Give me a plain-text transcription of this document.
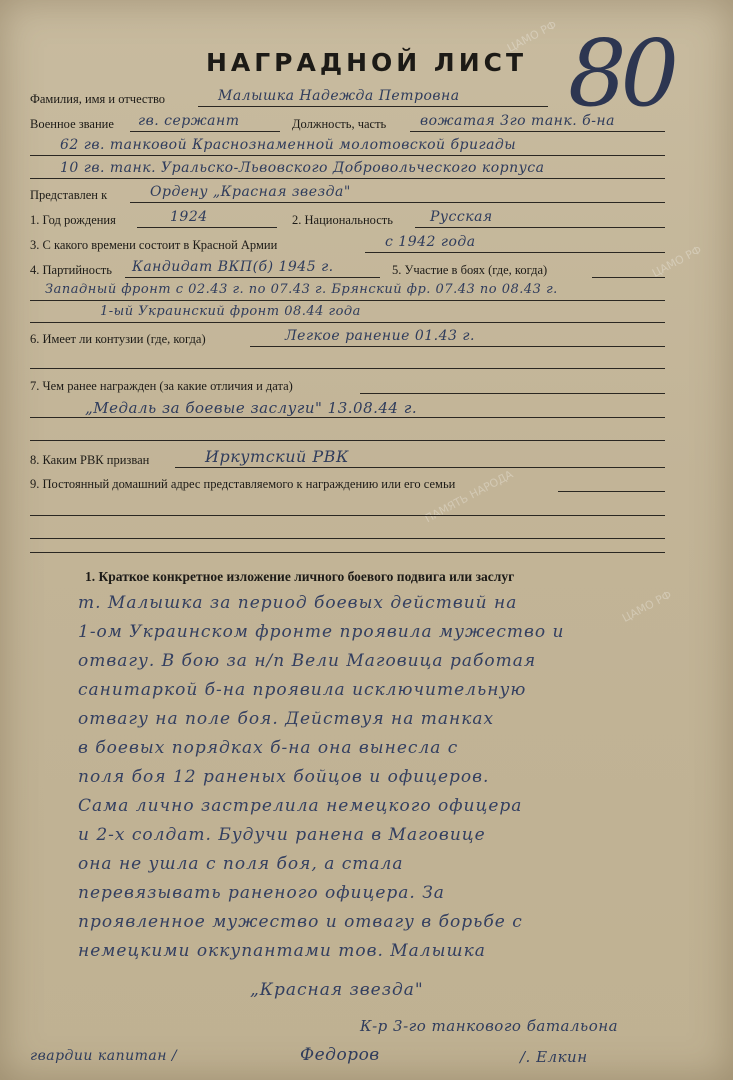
ЦАМО РФ
ЦАМО РФ
ЦАМО РФ
ПАМЯТЬ НАРОДА
80
НАГРАДНОЙ ЛИСТ
Фамилия, имя и отчество	Малышка Надежда Петровна
Военное звание гв. сержант	Должность, часть вожатая 3го танк. б-на
62 гв. танковой Краснознаменной молотовской бригады
10 гв. танк. Уральско-Львовского Добровольческого корпуса
Представлен к	Ордену „Красная звезда"
1. Год рождения	1924	2. Национальность	Русская
3. С какого времени состоит в Красной Армии	с 1942 года
4. Партийность Кандидат ВКП(б) 1945 г.	5. Участие в боях (где, когда)
Западный фронт с 02.43 г. по 07.43 г. Брянский фр. 07.43 по 08.43 г.
1-ый Украинский фронт 08.44 года
6. Имеет ли контузии (где, когда)	Легкое ранение 01.43 г.
7. Чем ранее награжден (за какие отличия и дата)
„Медаль за боевые заслуги" 13.08.44 г.
8. Каким РВК призван	Иркутский РВК
9. Постоянный домашний адрес представляемого к награждению или его семьи
1. Краткое конкретное изложение личного боевого подвига или заслуг
т. Малышка за период боевых действий на
1-ом Украинском фронте проявила мужество и
отвагу. В бою за н/п Вели Маговица работая
санитаркой б-на проявила исключительную
отвагу на поле боя. Действуя на танках
в боевых порядках б-на она вынесла с
поля боя 12 раненых бойцов и офицеров.
Сама лично застрелила немецкого офицера
и 2-х солдат. Будучи ранена в Маговице
она не ушла с поля боя, а стала
перевязывать раненого офицера. За
проявленное мужество и отвагу в борьбе с
немецкими оккупантами тов. Малышка
„Красная звезда"
К-р 3-го танкового батальона
гвардии капитан /	Федоров	/. Елкин
